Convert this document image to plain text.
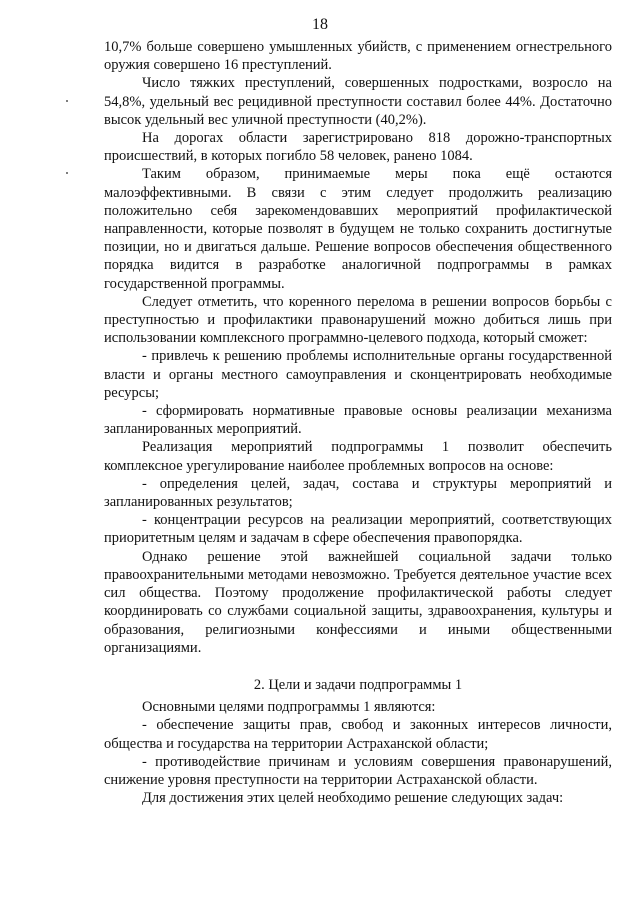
18

10,7% больше совершено умышленных убийств, с применением огнестрельного оружия совершено 16 преступлений.

Число тяжких преступлений, совершенных подростками, возросло на 54,8%, удельный вес рецидивной преступности составил более 44%. Достаточно высок удельный вес уличной преступности (40,2%).

На дорогах области зарегистрировано 818 дорожно-транспортных происшествий, в которых погибло 58 человек, ранено 1084.

Таким образом, принимаемые меры пока ещё остаются малоэффективными. В связи с этим следует продолжить реализацию положительно себя зарекомендовавших мероприятий профилактической направленности, которые позволят в будущем не только сохранить достигнутые позиции, но и двигаться дальше. Решение вопросов обеспечения общественного порядка видится в разработке аналогичной подпрограммы в рамках государственной программы.

Следует отметить, что коренного перелома в решении вопросов борьбы с преступностью и профилактики правонарушений можно добиться лишь при использовании комплексного программно-целевого подхода, который сможет:

- привлечь к решению проблемы исполнительные органы государственной власти и органы местного самоуправления и сконцентрировать необходимые ресурсы;

- сформировать нормативные правовые основы реализации механизма запланированных мероприятий.

Реализация мероприятий подпрограммы 1 позволит обеспечить комплексное урегулирование наиболее проблемных вопросов на основе:

- определения целей, задач, состава и структуры мероприятий и запланированных результатов;

- концентрации ресурсов на реализации мероприятий, соответствующих приоритетным целям и задачам в сфере обеспечения правопорядка.

Однако решение этой важнейшей социальной задачи только правоохранительными методами невозможно. Требуется деятельное участие всех сил общества. Поэтому продолжение профилактической работы следует координировать со службами социальной защиты, здравоохранения, культуры и образования, религиозными конфессиями и иными общественными организациями.

2. Цели и задачи подпрограммы 1

Основными целями подпрограммы 1 являются:

- обеспечение защиты прав, свобод и законных интересов личности, общества и государства на территории Астраханской области;

- противодействие причинам и условиям совершения правонарушений, снижение уровня преступности на территории Астраханской области.

Для достижения этих целей необходимо решение следующих задач:
